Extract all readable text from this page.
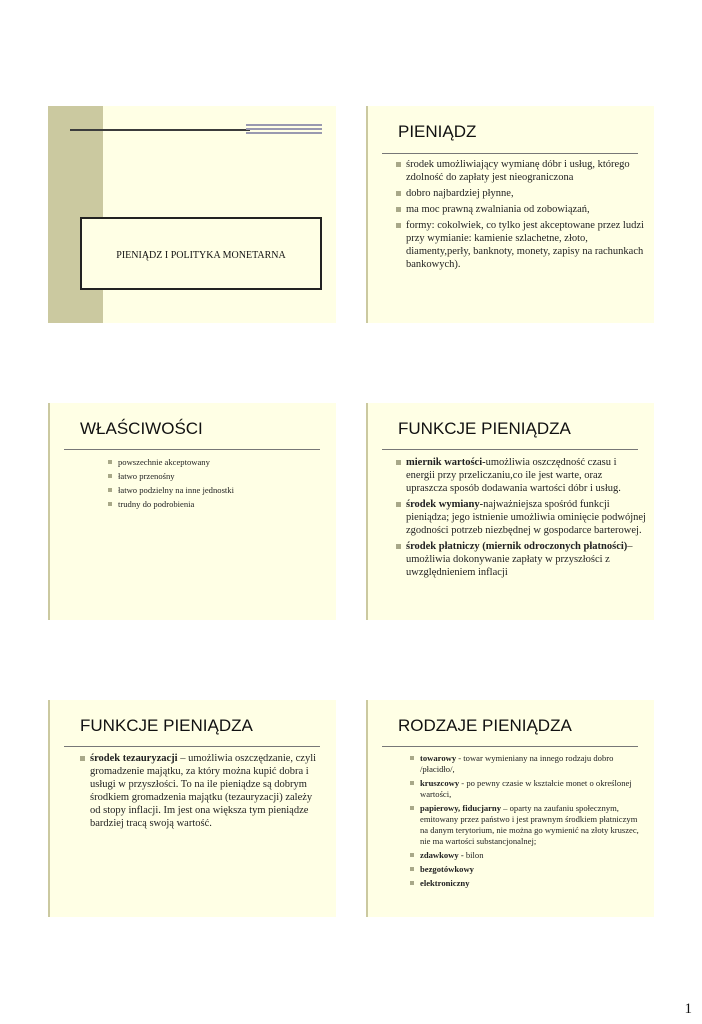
PIENIĄDZ I POLITYKA MONETARNA
PIENIĄDZ
środek umożliwiający wymianę dóbr i usług, którego zdolność do zapłaty jest nieograniczona
dobro najbardziej płynne,
ma moc prawną zwalniania od zobowiązań,
formy: cokolwiek, co tylko jest akceptowane przez ludzi przy wymianie: kamienie szlachetne, złoto, diamenty,perły, banknoty, monety, zapisy na rachunkach bankowych).
WŁAŚCIWOŚCI
powszechnie akceptowany
łatwo przenośny
łatwo podzielny na inne jednostki
trudny do podrobienia
FUNKCJE PIENIĄDZA
miernik wartości-umożliwia oszczędność czasu i energii przy przeliczaniu,co ile jest warte, oraz upraszcza sposób dodawania wartości dóbr i usług.
środek wymiany-najważniejsza spośród funkcji pieniądza; jego istnienie umożliwia ominięcie podwójnej zgodności potrzeb niezbędnej w gospodarce barterowej.
środek płatniczy (miernik odroczonych płatności)–umożliwia dokonywanie zapłaty w przyszłości z uwzględnieniem inflacji
FUNKCJE PIENIĄDZA
środek tezauryzacji – umożliwia oszczędzanie, czyli gromadzenie majątku, za który można kupić dobra i usługi w przyszłości. To na ile pieniądze są dobrym środkiem gromadzenia majątku (tezauryzacji) zależy od stopy inflacji. Im jest ona większa tym pieniądze bardziej tracą swoją wartość.
RODZAJE PIENIĄDZA
towarowy - towar wymieniany na innego rodzaju dobro /płacidło/,
kruszcowy - po pewny czasie w kształcie monet o określonej wartości,
papierowy, fiducjarny – oparty na zaufaniu społecznym, emitowany przez państwo i jest prawnym środkiem płatniczym na danym terytorium, nie można go wymienić na złoty kruszec, nie ma wartości substancjonalnej;
zdawkowy - bilon
bezgotówkowy
elektroniczny
1
